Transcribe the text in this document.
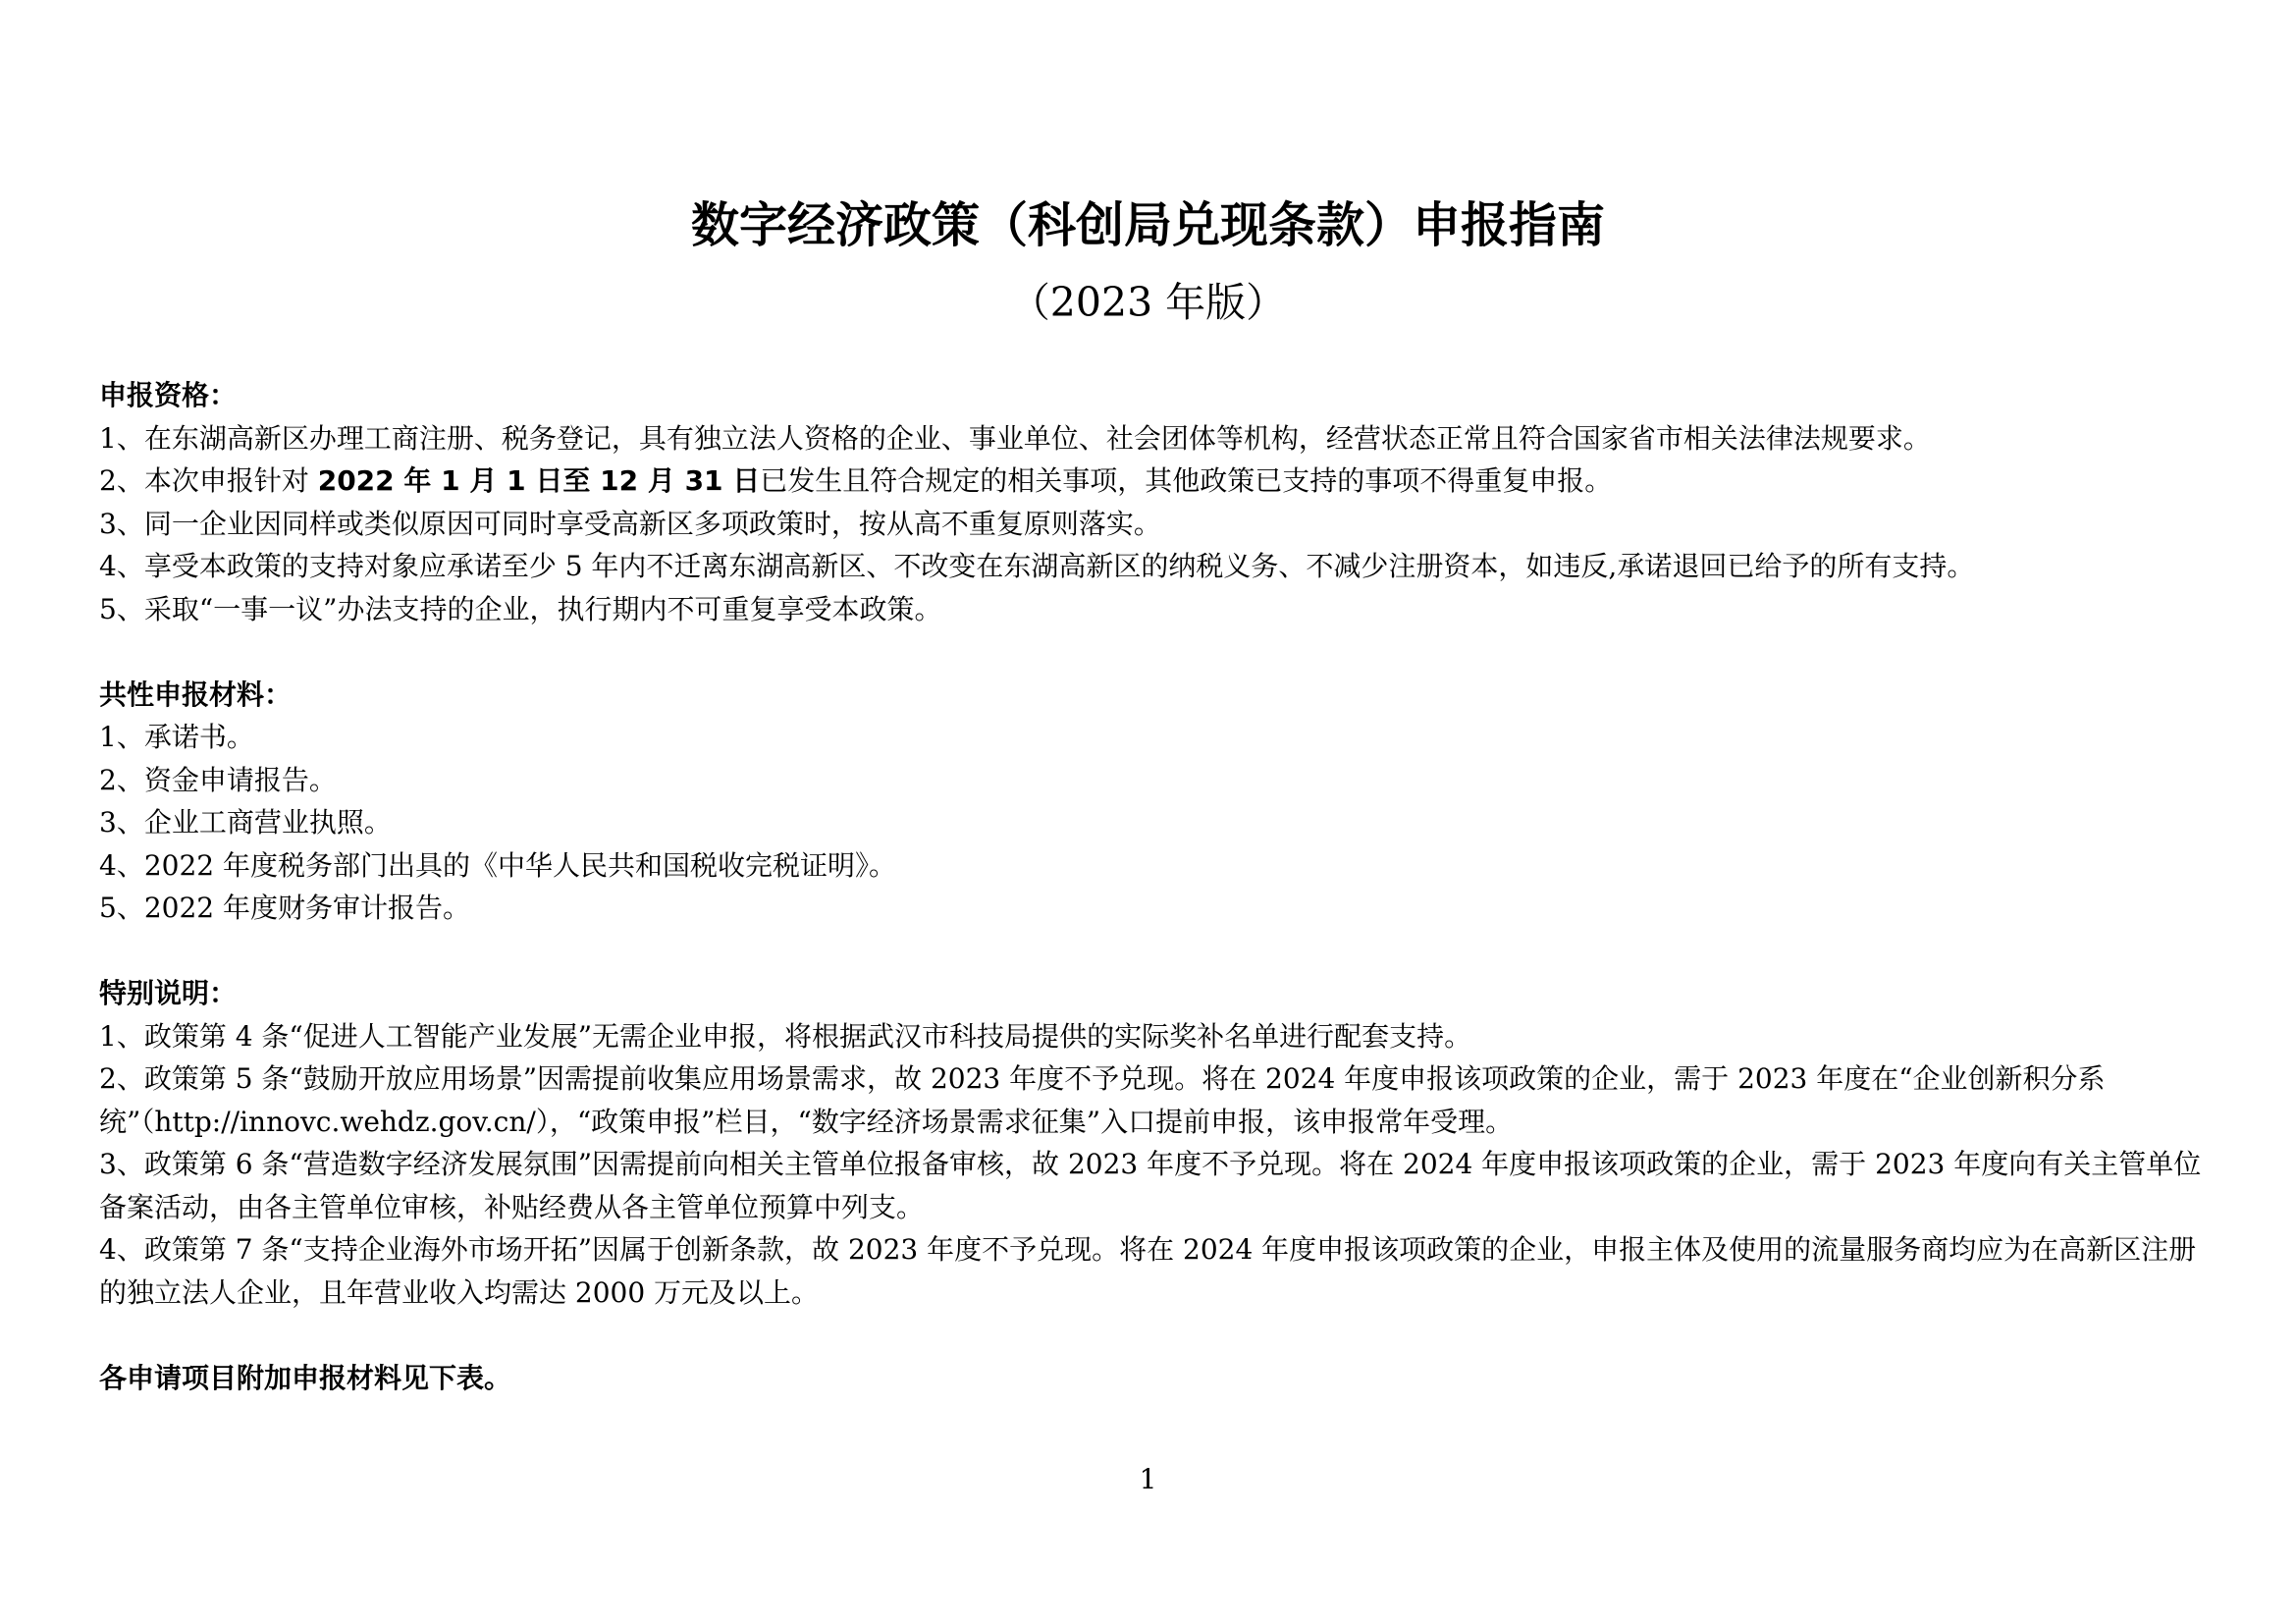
数字经济政策（科创局兑现条款）申报指南

（2023 年版）

申报资格：

1、在东湖高新区办理工商注册、税务登记，具有独立法人资格的企业、事业单位、社会团体等机构，经营状态正常且符合国家省市相关法律法规要求。

2、本次申报针对 2022 年 1 月 1 日至 12 月 31 日已发生且符合规定的相关事项，其他政策已支持的事项不得重复申报。

3、同一企业因同样或类似原因可同时享受高新区多项政策时，按从高不重复原则落实。

4、享受本政策的支持对象应承诺至少 5 年内不迁离东湖高新区、不改变在东湖高新区的纳税义务、不减少注册资本，如违反,承诺退回已给予的所有支持。

5、采取“一事一议”办法支持的企业，执行期内不可重复享受本政策。

共性申报材料：

1、承诺书。

2、资金申请报告。

3、企业工商营业执照。

4、2022 年度税务部门出具的《中华人民共和国税收完税证明》。

5、2022 年度财务审计报告。

特别说明：

1、政策第 4 条“促进人工智能产业发展”无需企业申报，将根据武汉市科技局提供的实际奖补名单进行配套支持。

2、政策第 5 条“鼓励开放应用场景”因需提前收集应用场景需求，故 2023 年度不予兑现。将在 2024 年度申报该项政策的企业，需于 2023 年度在“企业创新积分系统”（http://innovc.wehdz.gov.cn/），“政策申报”栏目，“数字经济场景需求征集”入口提前申报，该申报常年受理。

3、政策第 6 条“营造数字经济发展氛围”因需提前向相关主管单位报备审核，故 2023 年度不予兑现。将在 2024 年度申报该项政策的企业，需于 2023 年度向有关主管单位备案活动，由各主管单位审核，补贴经费从各主管单位预算中列支。

4、政策第 7 条“支持企业海外市场开拓”因属于创新条款，故 2023 年度不予兑现。将在 2024 年度申报该项政策的企业，申报主体及使用的流量服务商均应为在高新区注册的独立法人企业，且年营业收入均需达 2000 万元及以上。

各申请项目附加申报材料见下表。

1
